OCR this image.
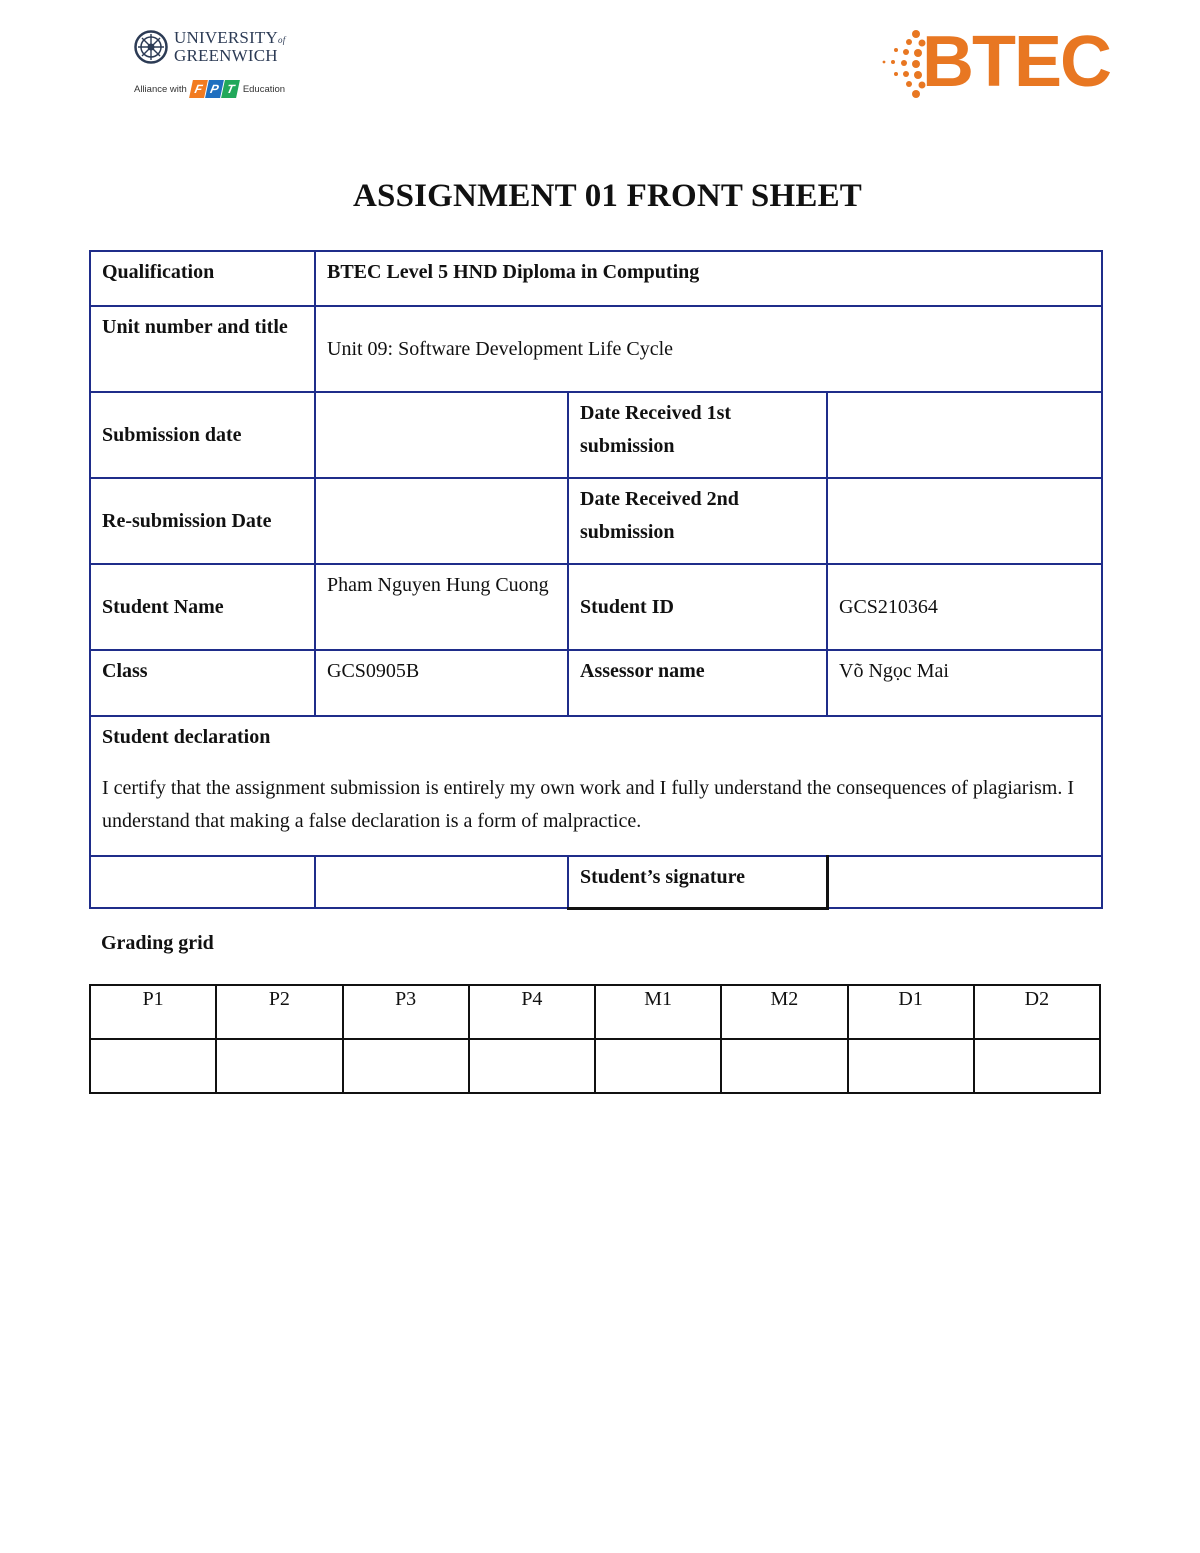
UNIVERSITYof
GREENWICH
Alliance with F P T Education	BTEC
ASSIGNMENT 01 FRONT SHEET
Qualification	BTEC Level 5 HND Diploma in Computing		
Unit number and title	Unit 09: Software Development Life Cycle		
Submission date		Date Received 1st submission	
Re-submission Date		Date Received 2nd submission	
Student Name	Pham Nguyen Hung Cuong	Student ID	GCS210364
Class	GCS0905B	Assessor name	Võ Ngọc Mai

Student declaration
I certify that the assignment submission is entirely my own work and I fully understand the consequences of plagiarism. I understand that making a false declaration is a form of malpractice.			

		Student’s signature	
Grading grid
P1	P2	P3	P4	M1	M2	D1	D2
